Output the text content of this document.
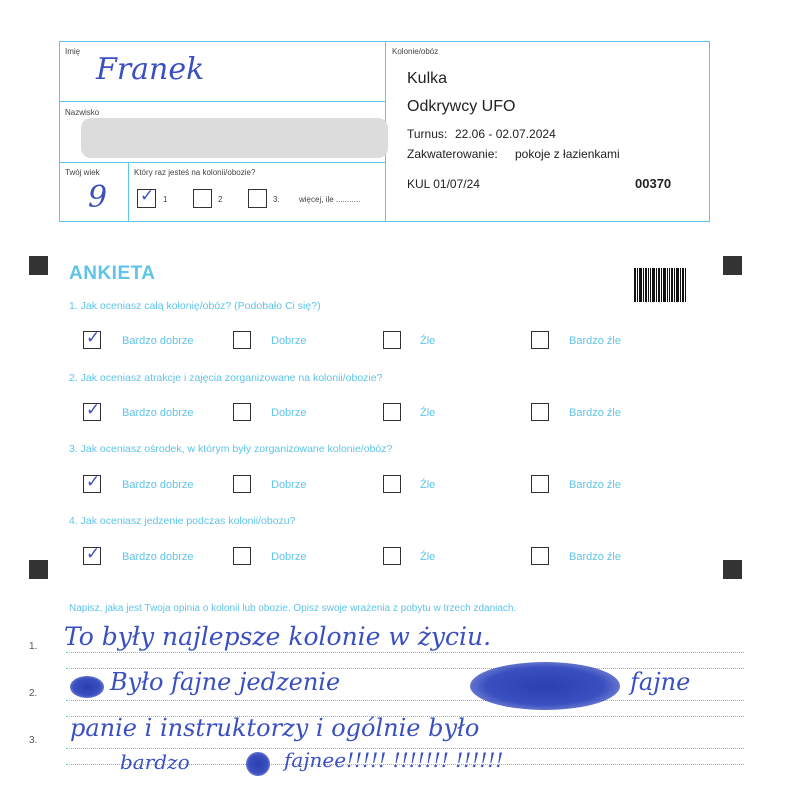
Imię
Franek
Nazwisko
Twój wiek
9
Który raz jesteś na kolonii/obozie?
✓
1	2	3. więcej, ile ...........
Kolonie/obóz
Kulka
Odkrywcy UFO
Turnus: 22.06 - 02.07.2024
Zakwaterowanie: pokoje z łazienkami
KUL 01/07/24	00370
ANKIETA
1. Jak oceniasz całą kolonię/obóz? (Podobało Ci się?)
✓
Bardzo dobrze	Dobrze	Źle	Bardzo źle
2. Jak oceniasz atrakcje i zajęcia zorganizowane na kolonii/obozie?
✓
Bardzo dobrze	Dobrze	Źle	Bardzo źle
3. Jak oceniasz ośrodek, w którym były zorganizowane kolonie/obóz?
✓
Bardzo dobrze	Dobrze	Źle	Bardzo źle
4. Jak oceniasz jedzenie podczas kolonii/obozu?
✓
Bardzo dobrze	Dobrze	Źle	Bardzo źle
Napisz, jaka jest Twoja opinia o kolonii lub obozie. Opisz swoje wrażenia z pobytu w trzech zdaniach.
1.
2.
3.
To były najlepsze kolonie w życiu.
Było fajne jedzenie	fajne
panie i instruktorzy i ogólnie było
bardzo	fajnee!!!!! !!!!!!! !!!!!!
